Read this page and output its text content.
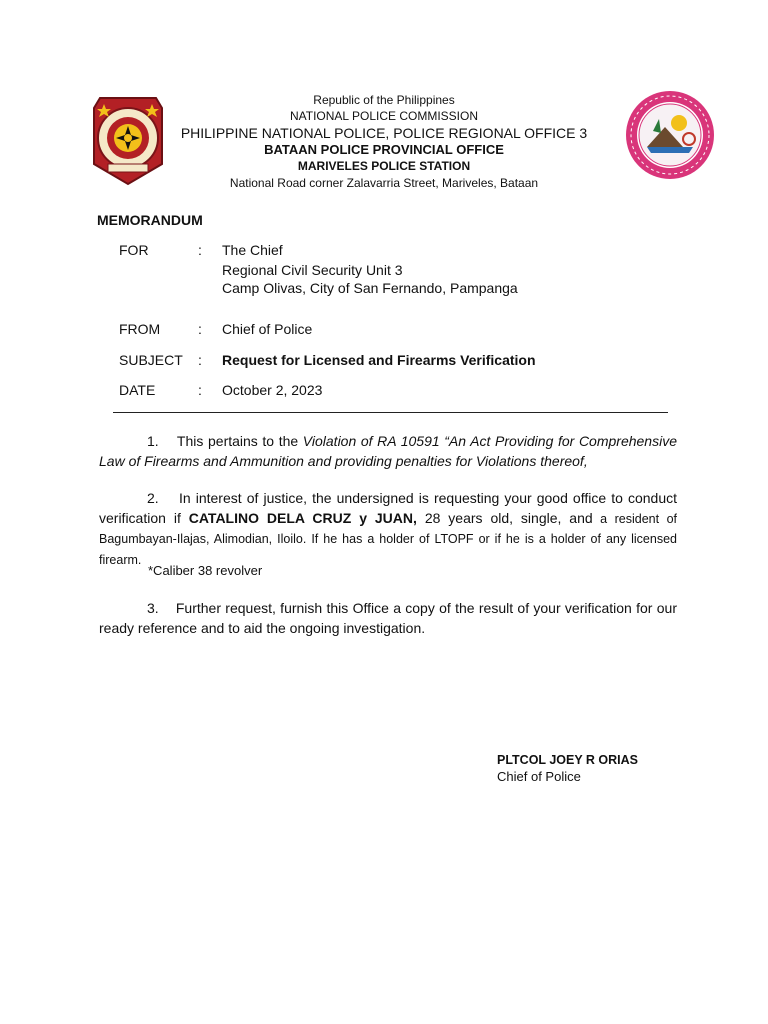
Republic of the Philippines
NATIONAL POLICE COMMISSION
PHILIPPINE NATIONAL POLICE, POLICE REGIONAL OFFICE 3
BATAAN POLICE PROVINCIAL OFFICE
MARIVELES POLICE STATION
National Road corner Zalavarria Street, Mariveles, Bataan
MEMORANDUM
FOR	: The Chief
Regional Civil Security Unit 3
Camp Olivas, City of San Fernando, Pampanga
FROM	: Chief of Police
SUBJECT : Request for Licensed and Firearms Verification
DATE	: October 2, 2023
1. This pertains to the Violation of RA 10591 “An Act Providing for Comprehensive Law of Firearms and Ammunition and providing penalties for Violations thereof,
2. In interest of justice, the undersigned is requesting your good office to conduct verification if CATALINO DELA CRUZ y JUAN, 28 years old, single, and a resident of Bagumbayan-Ilajas, Alimodian, Iloilo. If he has a holder of LTOPF or if he is a holder of any licensed firearm.
*Caliber 38 revolver
3. Further request, furnish this Office a copy of the result of your verification for our ready reference and to aid the ongoing investigation.
PLTCOL JOEY R ORIAS
Chief of Police
